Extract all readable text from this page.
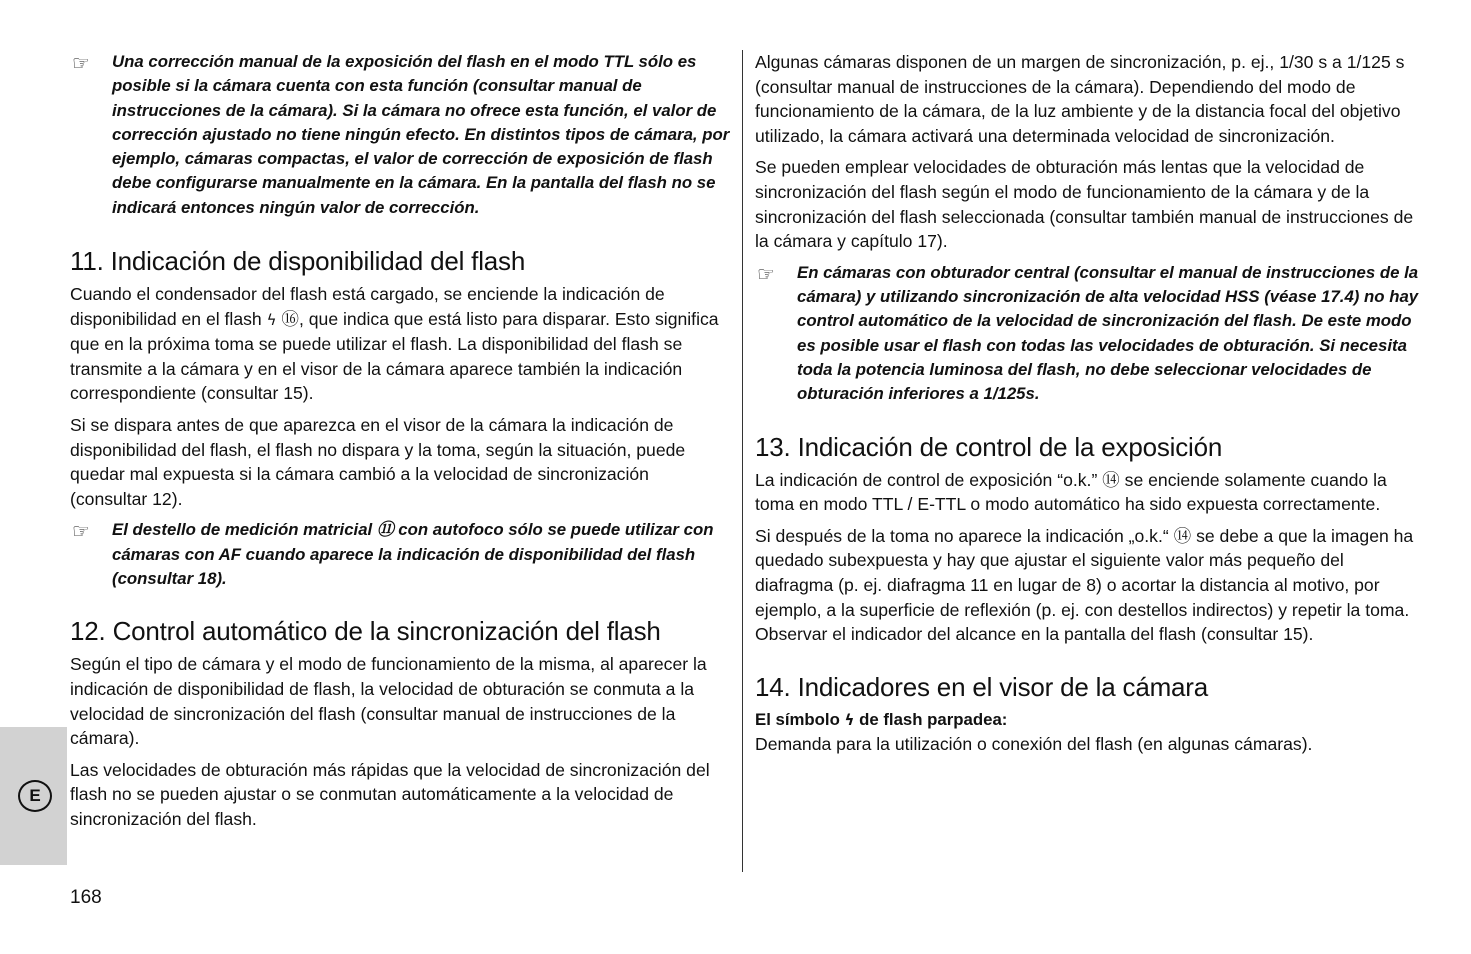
☞ Una corrección manual de la exposición del flash en el modo TTL sólo es posible si la cámara cuenta con esta función (consultar manual de instrucciones de la cámara). Si la cámara no ofrece esta función, el valor de corrección ajustado no tiene ningún efecto. En distintos tipos de cámara, por ejemplo, cámaras compactas, el valor de corrección de exposición de flash debe configurarse manualmente en la cámara. En la pantalla del flash no se indicará entonces ningún valor de corrección.
11. Indicación de disponibilidad del flash

Cuando el condensador del flash está cargado, se enciende la indicación de disponibilidad en el flash ϟ ⑯, que indica que está listo para disparar. Esto significa que en la próxima toma se puede utilizar el flash. La disponibilidad del flash se transmite a la cámara y en el visor de la cámara aparece también la indicación correspondiente (consultar 15).

Si se dispara antes de que aparezca en el visor de la cámara la indicación de disponibilidad del flash, el flash no dispara y la toma, según la situación, puede quedar mal expuesta si la cámara cambió a la velocidad de sincronización (consultar 12).

☞ El destello de medición matricial ⑪ con autofoco sólo se puede utilizar con cámaras con AF cuando aparece la indicación de disponibilidad del flash (consultar 18).
12. Control automático de la sincronización del flash

Según el tipo de cámara y el modo de funcionamiento de la misma, al aparecer la indicación de disponibilidad de flash, la velocidad de obturación se conmuta a la velocidad de sincronización del flash (consultar manual de instrucciones de la cámara).

Las velocidades de obturación más rápidas que la velocidad de sincronización del flash no se pueden ajustar o se conmutan automáticamente a la velocidad de sincronización del flash.

Algunas cámaras disponen de un margen de sincronización, p. ej., 1/30 s a 1/125 s (consultar manual de instrucciones de la cámara). Dependiendo del modo de funcionamiento de la cámara, de la luz ambiente y de la distancia focal del objetivo utilizado, la cámara activará una determinada velocidad de sincronización.

Se pueden emplear velocidades de obturación más lentas que la velocidad de sincronización del flash según el modo de funcionamiento de la cámara y de la sincronización del flash seleccionada (consultar también manual de instrucciones de la cámara y capítulo 17).

☞ En cámaras con obturador central (consultar el manual de instrucciones de la cámara) y utilizando sincronización de alta velocidad HSS (véase 17.4) no hay control automático de la velocidad de sincronización del flash. De este modo es posible usar el flash con todas las velocidades de obturación. Si necesita toda la potencia luminosa del flash, no debe seleccionar velocidades de obturación inferiores a 1/125s.
13. Indicación de control de la exposición

La indicación de control de exposición “o.k.” ⑭ se enciende solamente cuando la toma en modo TTL / E-TTL o modo automático ha sido expuesta correctamente.

Si después de la toma no aparece la indicación „o.k.“ ⑭ se debe a que la imagen ha quedado subexpuesta y hay que ajustar el siguiente valor más pequeño del diafragma (p. ej. diafragma 11 en lugar de 8) o acortar la distancia al motivo, por ejemplo, a la superficie de reflexión (p. ej. con destellos indirectos) y repetir la toma. Observar el indicador del alcance en la pantalla del flash (consultar 15).

14. Indicadores en el visor de la cámara
El símbolo ϟ de flash parpadea:

Demanda para la utilización o conexión del flash (en algunas cámaras).

E
168
